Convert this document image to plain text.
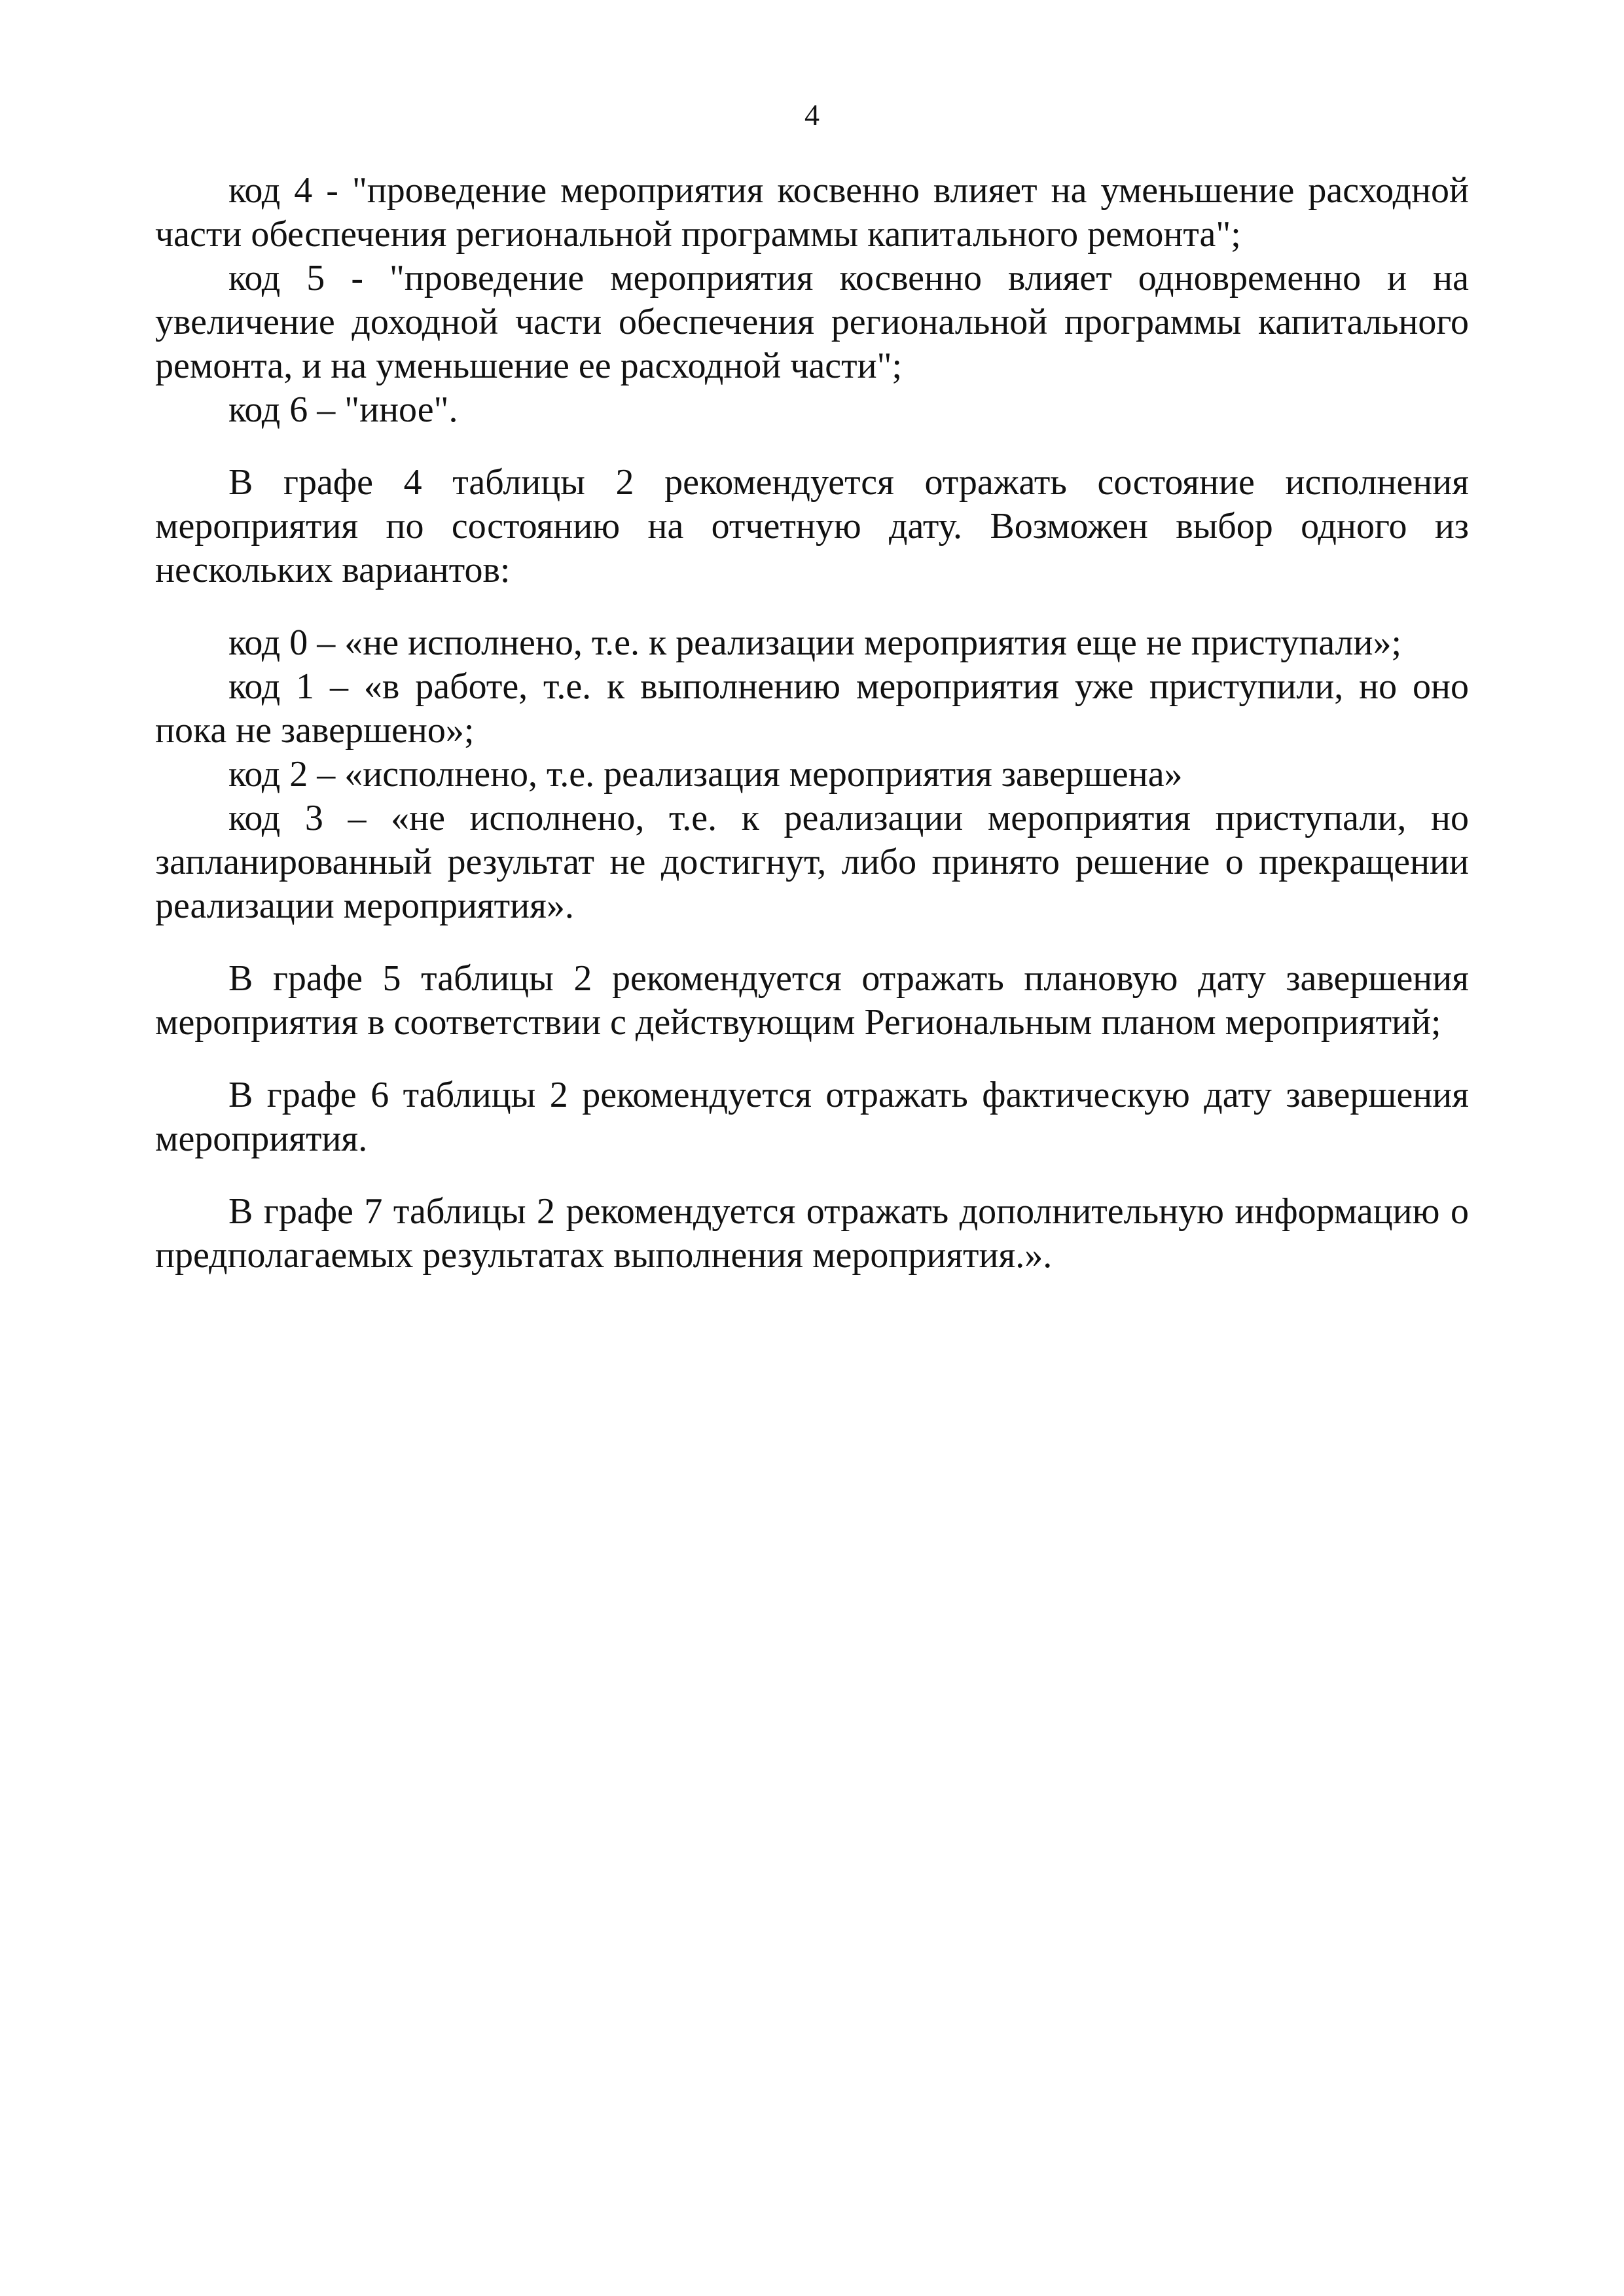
4

код 4 - "проведение мероприятия косвенно влияет на уменьшение расходной части обеспечения региональной программы капитального ремонта";

код 5 - "проведение мероприятия косвенно влияет одновременно и на увеличение доходной части обеспечения региональной программы капитального ремонта, и на уменьшение ее расходной части";

код 6 – "иное".

В графе 4 таблицы 2 рекомендуется отражать состояние исполнения мероприятия по состоянию на отчетную дату. Возможен выбор одного из нескольких вариантов:

код 0 – «не исполнено, т.е. к реализации мероприятия еще не приступали»;

код 1 – «в работе, т.е. к выполнению мероприятия уже приступили, но оно пока не завершено»;

код 2 – «исполнено, т.е. реализация мероприятия завершена»

код 3 – «не исполнено, т.е. к реализации мероприятия приступали, но запланированный результат не достигнут, либо принято решение о прекращении реализации мероприятия».

В графе 5 таблицы 2 рекомендуется отражать плановую дату завершения мероприятия в соответствии с действующим Региональным планом мероприятий;

В графе 6 таблицы 2 рекомендуется отражать фактическую дату завершения мероприятия.

В графе 7 таблицы 2 рекомендуется отражать дополнительную информацию о предполагаемых результатах выполнения мероприятия.».
